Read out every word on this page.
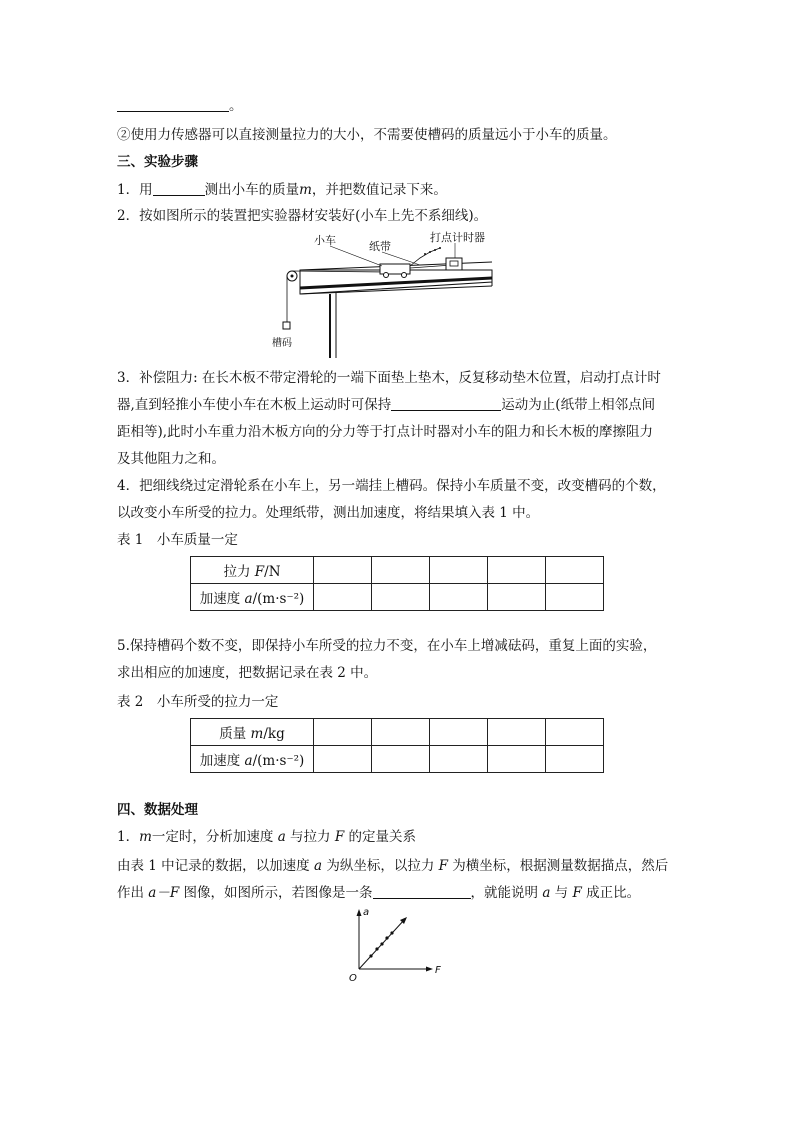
。
②使用力传感器可以直接测量拉力的大小，不需要使槽码的质量远小于小车的质量。
三、实验步骤
1．用	测出小车的质量m，并把数值记录下来。
2．按如图所示的装置把实验器材安装好(小车上先不系细线)。
小车	纸带
打点计时器
槽码
3．补偿阻力: 在长木板不带定滑轮的一端下面垫上垫木，反复移动垫木位置，启动打点计时
器,直到轻推小车使小车在木板上运动时可保持	运动为止(纸带上相邻点间
距相等),此时小车重力沿木板方向的分力等于打点计时器对小车的阻力和长木板的摩擦阻力
及其他阻力之和。
4．把细线绕过定滑轮系在小车上，另一端挂上槽码。保持小车质量不变，改变槽码的个数，
以改变小车所受的拉力。处理纸带，测出加速度，将结果填入表 1 中。
表 1　小车质量一定
拉力 F/N					
加速度 a/(m·s⁻²)					
5.保持槽码个数不变，即保持小车所受的拉力不变，在小车上增减砝码，重复上面的实验，
求出相应的加速度，把数据记录在表 2 中。
表 2　小车所受的拉力一定
质量 m/kg					
加速度 a/(m·s⁻²)					
四、数据处理
1．m一定时，分析加速度 a 与拉力 F 的定量关系
由表 1 中记录的数据，以加速度 a 为纵坐标，以拉力 F 为横坐标，根据测量数据描点，然后
作出 a－F 图像，如图所示，若图像是一条	，就能说明 a 与 F 成正比。
a
F
O
